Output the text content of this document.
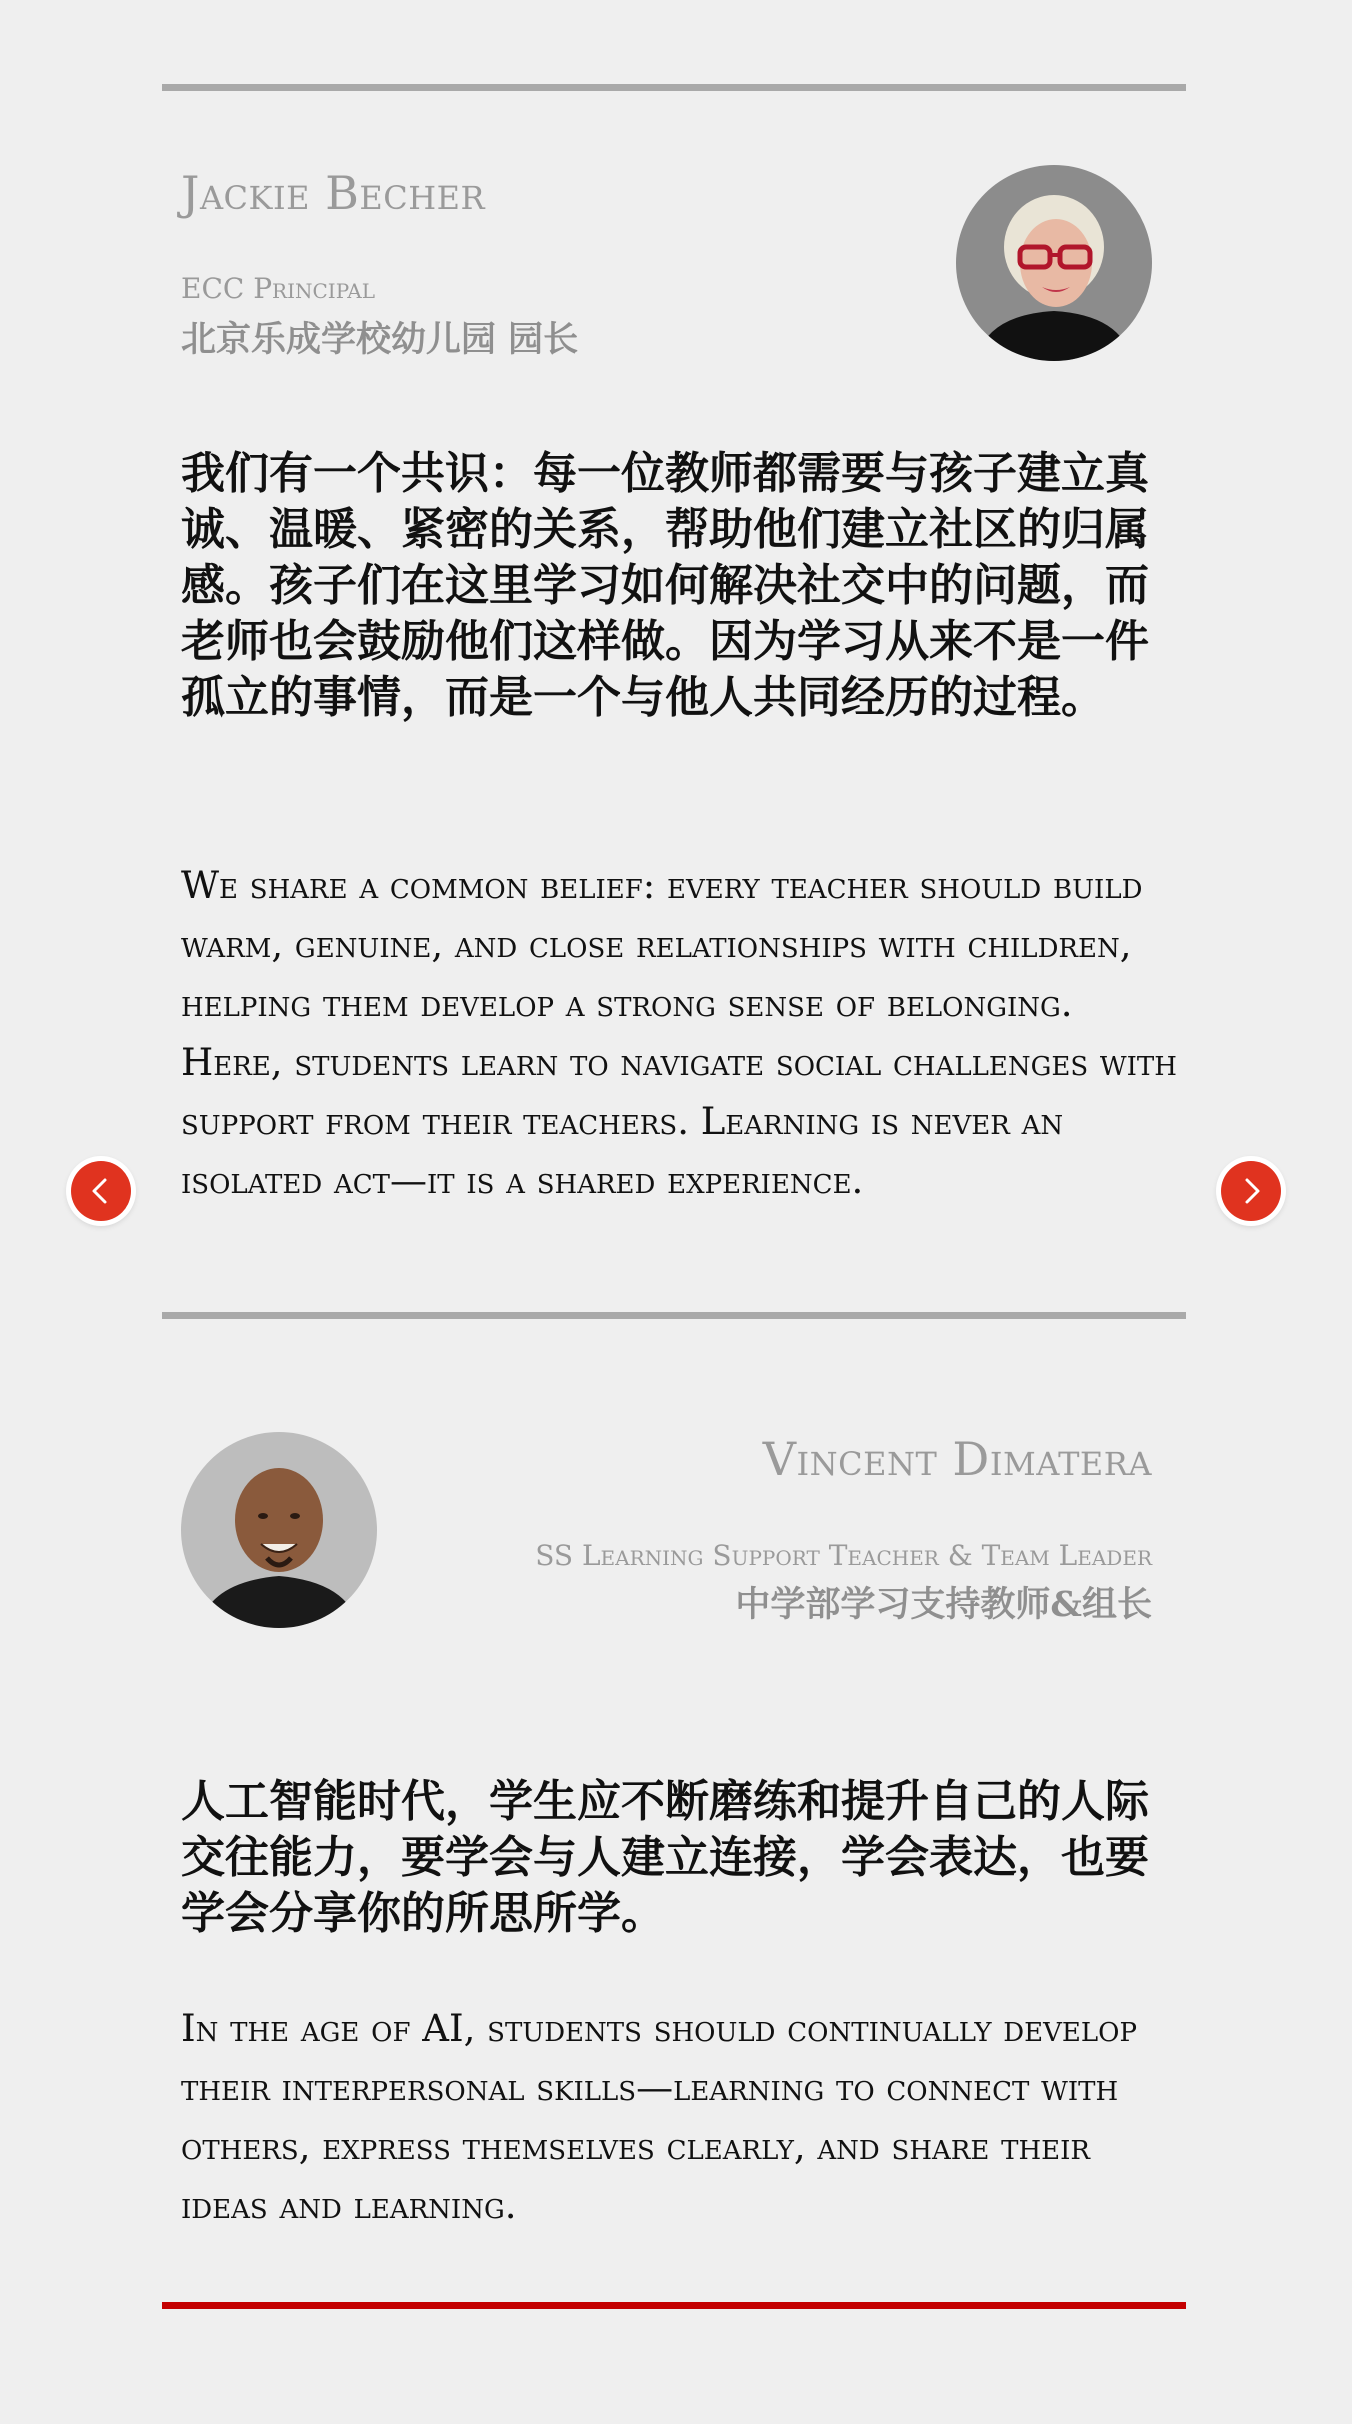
Jackie Becher
ECC Principal
北京乐成学校幼儿园 园长

我们有一个共识：每一位教师都需要与孩子建立真诚、温暖、紧密的关系，帮助他们建立社区的归属感。孩子们在这里学习如何解决社交中的问题，而老师也会鼓励他们这样做。因为学习从来不是一件孤立的事情，而是一个与他人共同经历的过程。

We share a common belief: every teacher should build warm, genuine, and close relationships with children, helping them develop a strong sense of belonging. Here, students learn to navigate social challenges with support from their teachers. Learning is never an isolated act—it is a shared experience.

Vincent Dimatera
SS Learning Support Teacher & Team Leader
中学部学习支持教师&组长

人工智能时代，学生应不断磨练和提升自己的人际交往能力，要学会与人建立连接，学会表达，也要学会分享你的所思所学。

In the age of AI, students should continually develop their interpersonal skills—learning to connect with others, express themselves clearly, and share their ideas and learning.
